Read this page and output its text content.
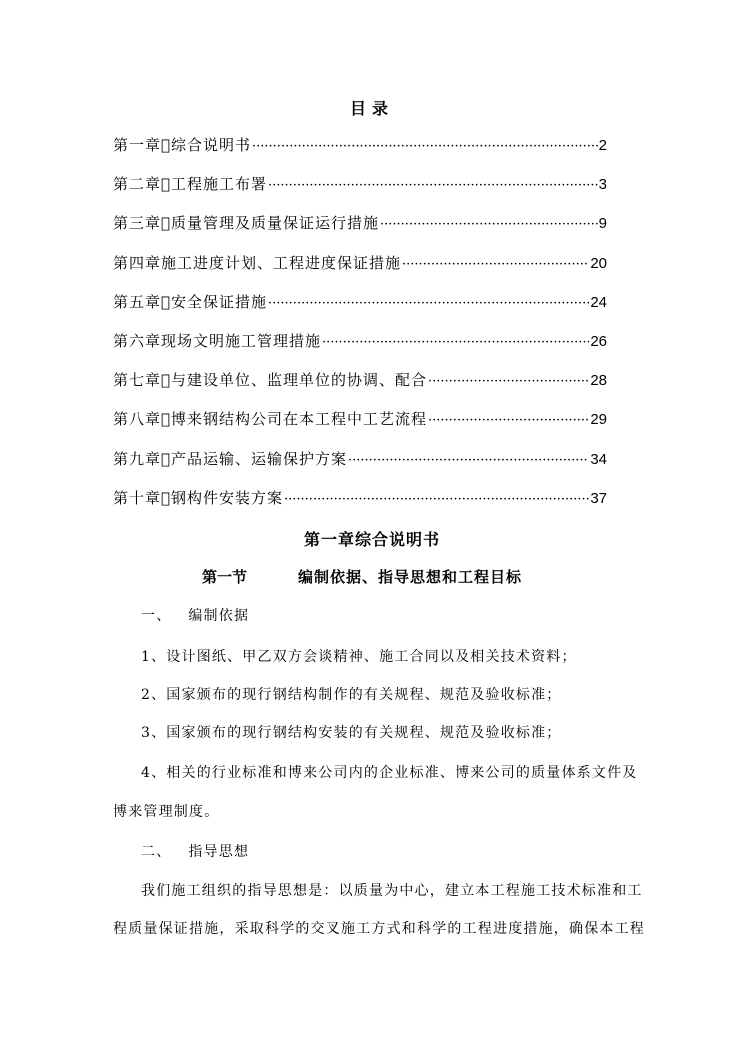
目录
第一章 综合说明书 ·····	2
第二章 工程施工布署 ·····	3
第三章 质量管理及质量保证运行措施 ·····	9
第四章施工进度计划、工程进度保证措施 ·····	20
第五章 安全保证措施 ·····	24
第六章现场文明施工管理措施 ·····	26
第七章 与建设单位、监理单位的协调、配合 ·····	28
第八章 博来钢结构公司在本工程中工艺流程 ·····	29
第九章 产品运输、运输保护方案 ·····	34
第十章 钢构件安装方案 ·····	37
第一章综合说明书
第一节	编制依据、指导思想和工程目标
一、   编制依据
1、设计图纸、甲乙双方会谈精神、施工合同以及相关技术资料；
2、国家颁布的现行钢结构制作的有关规程、规范及验收标准；
3、国家颁布的现行钢结构安装的有关规程、规范及验收标准；
4、相关的行业标准和博来公司内的企业标准、博来公司的质量体系文件及
博来管理制度。
二、   指导思想
我们施工组织的指导思想是：以质量为中心，建立本工程施工技术标准和工
程质量保证措施，采取科学的交叉施工方式和科学的工程进度措施，确保本工程
